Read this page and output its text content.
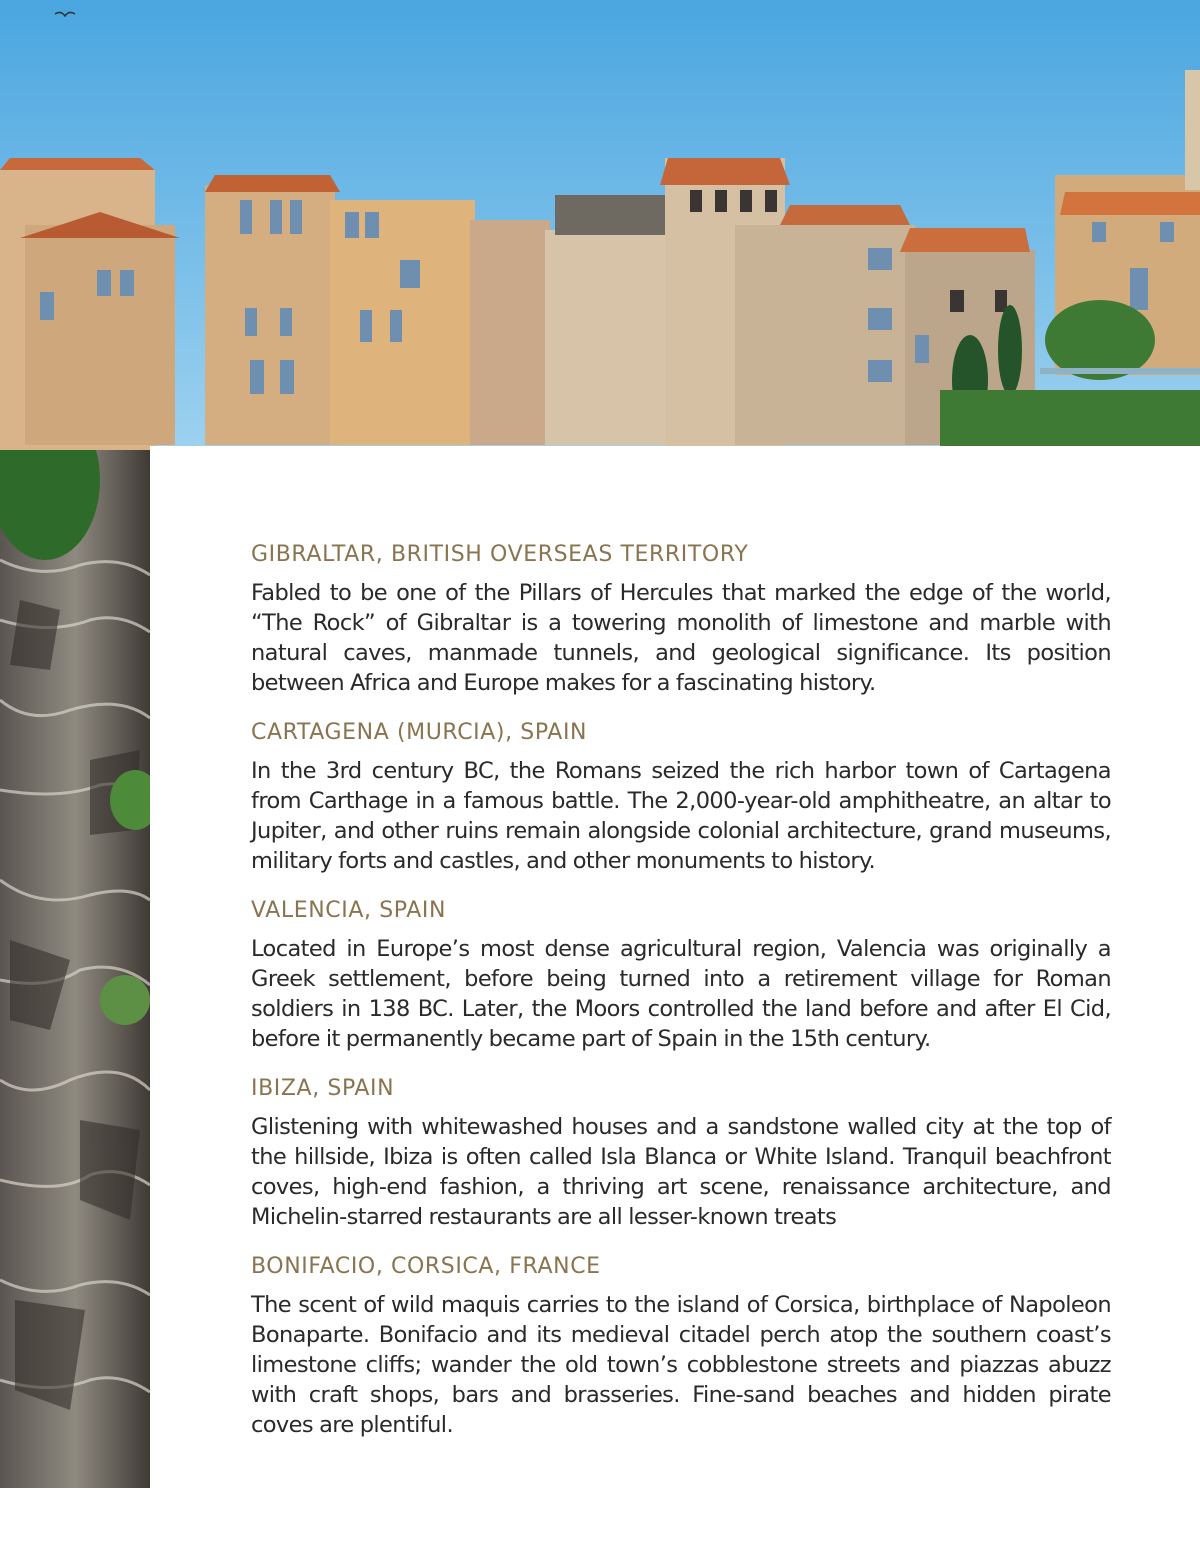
GIBRALTAR, BRITISH OVERSEAS TERRITORY

Fabled to be one of the Pillars of Hercules that marked the edge of the world, “The Rock” of Gibraltar is a towering monolith of limestone and marble with natural caves, manmade tunnels, and geological significance. Its position between Africa and Europe makes for a fascinating history.

CARTAGENA (MURCIA), SPAIN

In the 3rd century BC, the Romans seized the rich harbor town of Cartagena from Carthage in a famous battle. The 2,000-year-old amphitheatre, an altar to Jupiter, and other ruins remain alongside colonial architecture, grand museums, military forts and castles, and other monuments to history.

VALENCIA, SPAIN

Located in Europe’s most dense agricultural region, Valencia was originally a Greek settlement, before being turned into a retirement village for Roman soldiers in 138 BC. Later, the Moors controlled the land before and after El Cid, before it permanently became part of Spain in the 15th century.

IBIZA, SPAIN

Glistening with whitewashed houses and a sandstone walled city at the top of the hillside, Ibiza is often called Isla Blanca or White Island. Tranquil beachfront coves, high-end fashion, a thriving art scene, renaissance architecture, and Michelin-starred restaurants are all lesser-known treats

BONIFACIO, CORSICA, FRANCE

The scent of wild maquis carries to the island of Corsica, birthplace of Napoleon Bonaparte. Bonifacio and its medieval citadel perch atop the southern coast’s limestone cliffs; wander the old town’s cobblestone streets and piazzas abuzz with craft shops, bars and brasseries. Fine-sand beaches and hidden pirate coves are plentiful.
